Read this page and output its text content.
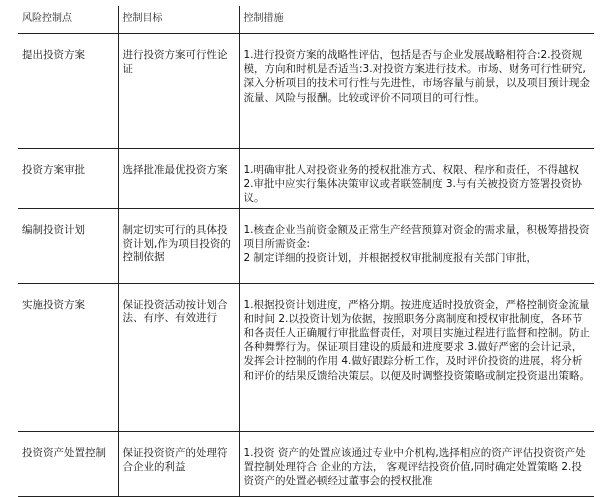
风险控制点	控制目标	控制措施

提出投资方案	进行投资方案可行性论证	1.进行投资方案的战略性评估，包括是否与企业发展战略相符合:2.投资规模，方向和时机是否适当:3.对投资方案进行技术。市场、财务可行性研究,深入分析项目的技术可行性与先进性，市场容量与前景，以及项目预计现金流量、风险与报酬。比较或评价不同项目的可行性。

投资方案审批	选择批准最优投资方案	1.明确审批人对投资业务的授权批准方式、权限、程序和责任，不得越权 2.审批中应实行集体决策审议或者联签制度 3.与有关被投资方签署投资协议。

编制投资计划	制定切实可行的具体投资计划,作为项目投资的控制依据	1.核查企业当前资金额及正常生产经营预算对资金的需求量，积极筹措投资项目所需资金:
2 制定详细的投资计划，并根据授权审批制度报有关部门审批，

实施投资方案	保证投资活动按计划合法、有序、有效进行	1.根据投资计划进度，严格分期。按进度适时投放资金，严格控制资金流量和时间 2.以投资计划为依据，按照职务分离制度和授权审批制度，各环节和各责任人正确履行审批监督责任，对项目实施过程进行监督和控制。防止各种舞弊行为。保证项目建设的质最和进度要求 3.做好严密的会计记录，发挥会计控制的作用 4.做好跟踪分析工作，及时评价投资的进展，将分析和评价的结果反馈给决策层。以便及时调整投资策略或制定投资退出策略。

投资资产处置控制	保证投资资产的处理符合企业的利益	1.投资 资产的处置应该通过专业中介机构,选择相应的资产评估投资资产处置控制处理符合 企业的方法， 客观评结投资价值,同时确定处置策略 2.投资资产的处置必顿经过董事会的授权批准
